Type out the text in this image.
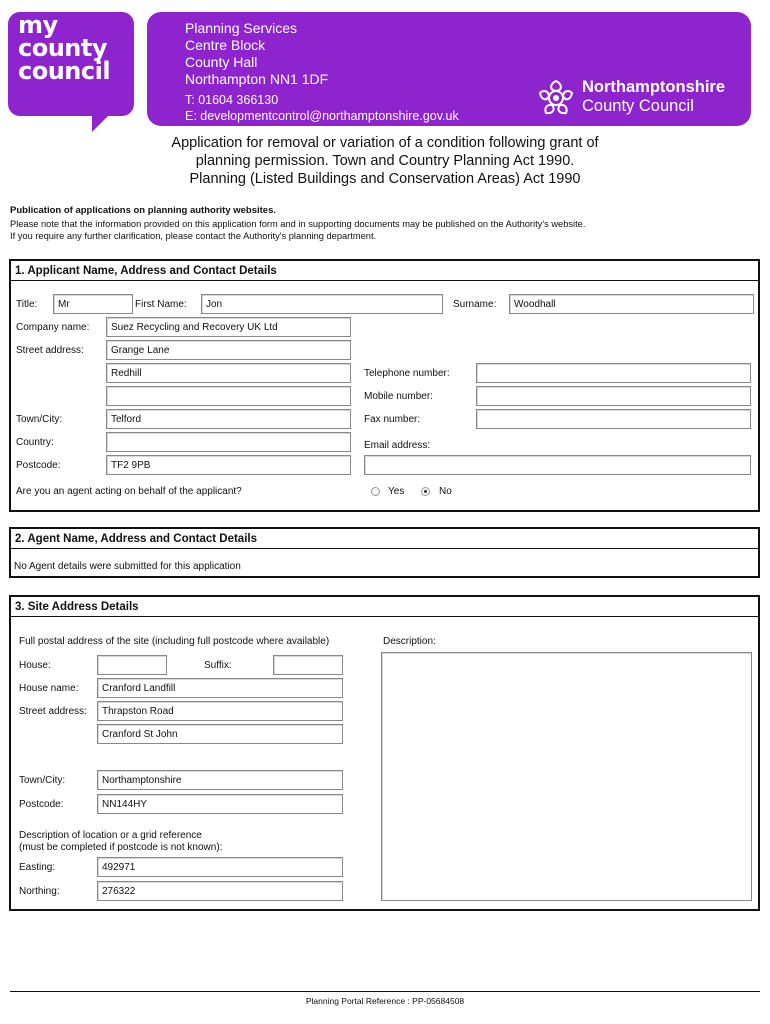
my
county
council
Planning Services
Centre Block
County Hall
Northampton NN1 1DF
T: 01604 366130
E: developmentcontrol@northamptonshire.gov.uk
Northamptonshire
County Council
Application for removal or variation of a condition following grant of
planning permission. Town and Country Planning Act 1990.
Planning (Listed Buildings and Conservation Areas) Act 1990
Publication of applications on planning authority websites.
Please note that the information provided on this application form and in supporting documents may be published on the Authority's website.
If you require any further clarification, please contact the Authority's planning department.
1. Applicant Name, Address and Contact Details
Title:	Mr	First Name:	Jon	Surname:	Woodhall
Company name:	Suez Recycling and Recovery UK Ltd
Street address:	Grange Lane
Redhill	Telephone number:
Mobile number:
Town/City:	Telford	Fax number:
Country:	Email address:
Postcode:	TF2 9PB
Are you an agent acting on behalf of the applicant?	Yes	No
2. Agent Name, Address and Contact Details
No Agent details were submitted for this application
3. Site Address Details
Full postal address of the site (including full postcode where available)	Description:
House:	Suffix:
House name:	Cranford Landfill
Street address:	Thrapston Road
Cranford St John
Town/City:	Northamptonshire
Postcode:	NN144HY
Description of location or a grid reference
(must be completed if postcode is not known):
Easting:	492971
Northing:	276322
Planning Portal Reference : PP-05684508
